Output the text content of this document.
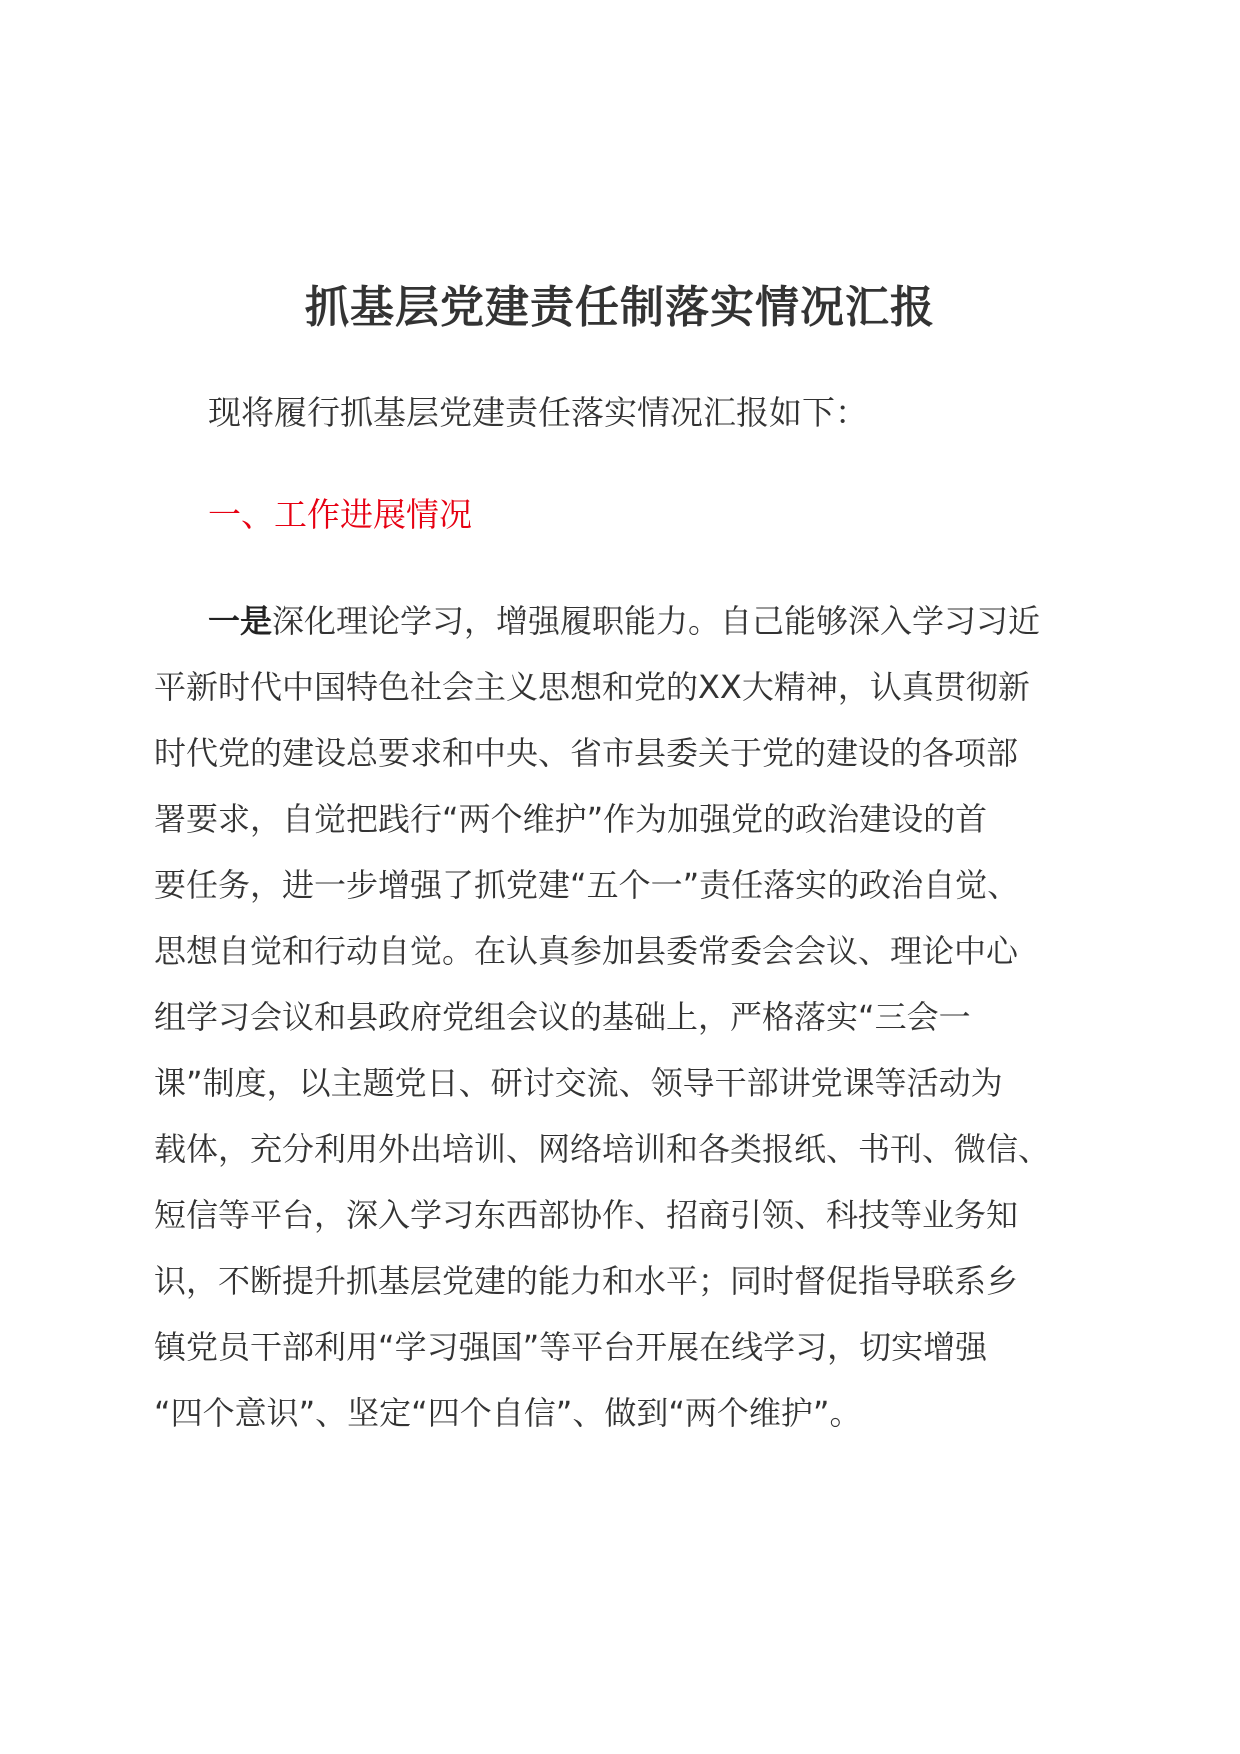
抓基层党建责任制落实情况汇报

现将履行抓基层党建责任落实情况汇报如下：

一、工作进展情况

一是深化理论学习，增强履职能力。自己能够深入学习习近
平新时代中国特色社会主义思想和党的XX大精神，认真贯彻新
时代党的建设总要求和中央、省市县委关于党的建设的各项部
署要求，自觉把践行“两个维护”作为加强党的政治建设的首
要任务，进一步增强了抓党建“五个一”责任落实的政治自觉、
思想自觉和行动自觉。在认真参加县委常委会会议、理论中心
组学习会议和县政府党组会议的基础上，严格落实“三会一
课”制度，以主题党日、研讨交流、领导干部讲党课等活动为
载体，充分利用外出培训、网络培训和各类报纸、书刊、微信、
短信等平台，深入学习东西部协作、招商引领、科技等业务知
识，不断提升抓基层党建的能力和水平；同时督促指导联系乡
镇党员干部利用“学习强国”等平台开展在线学习，切实增强
“四个意识”、坚定“四个自信”、做到“两个维护”。
